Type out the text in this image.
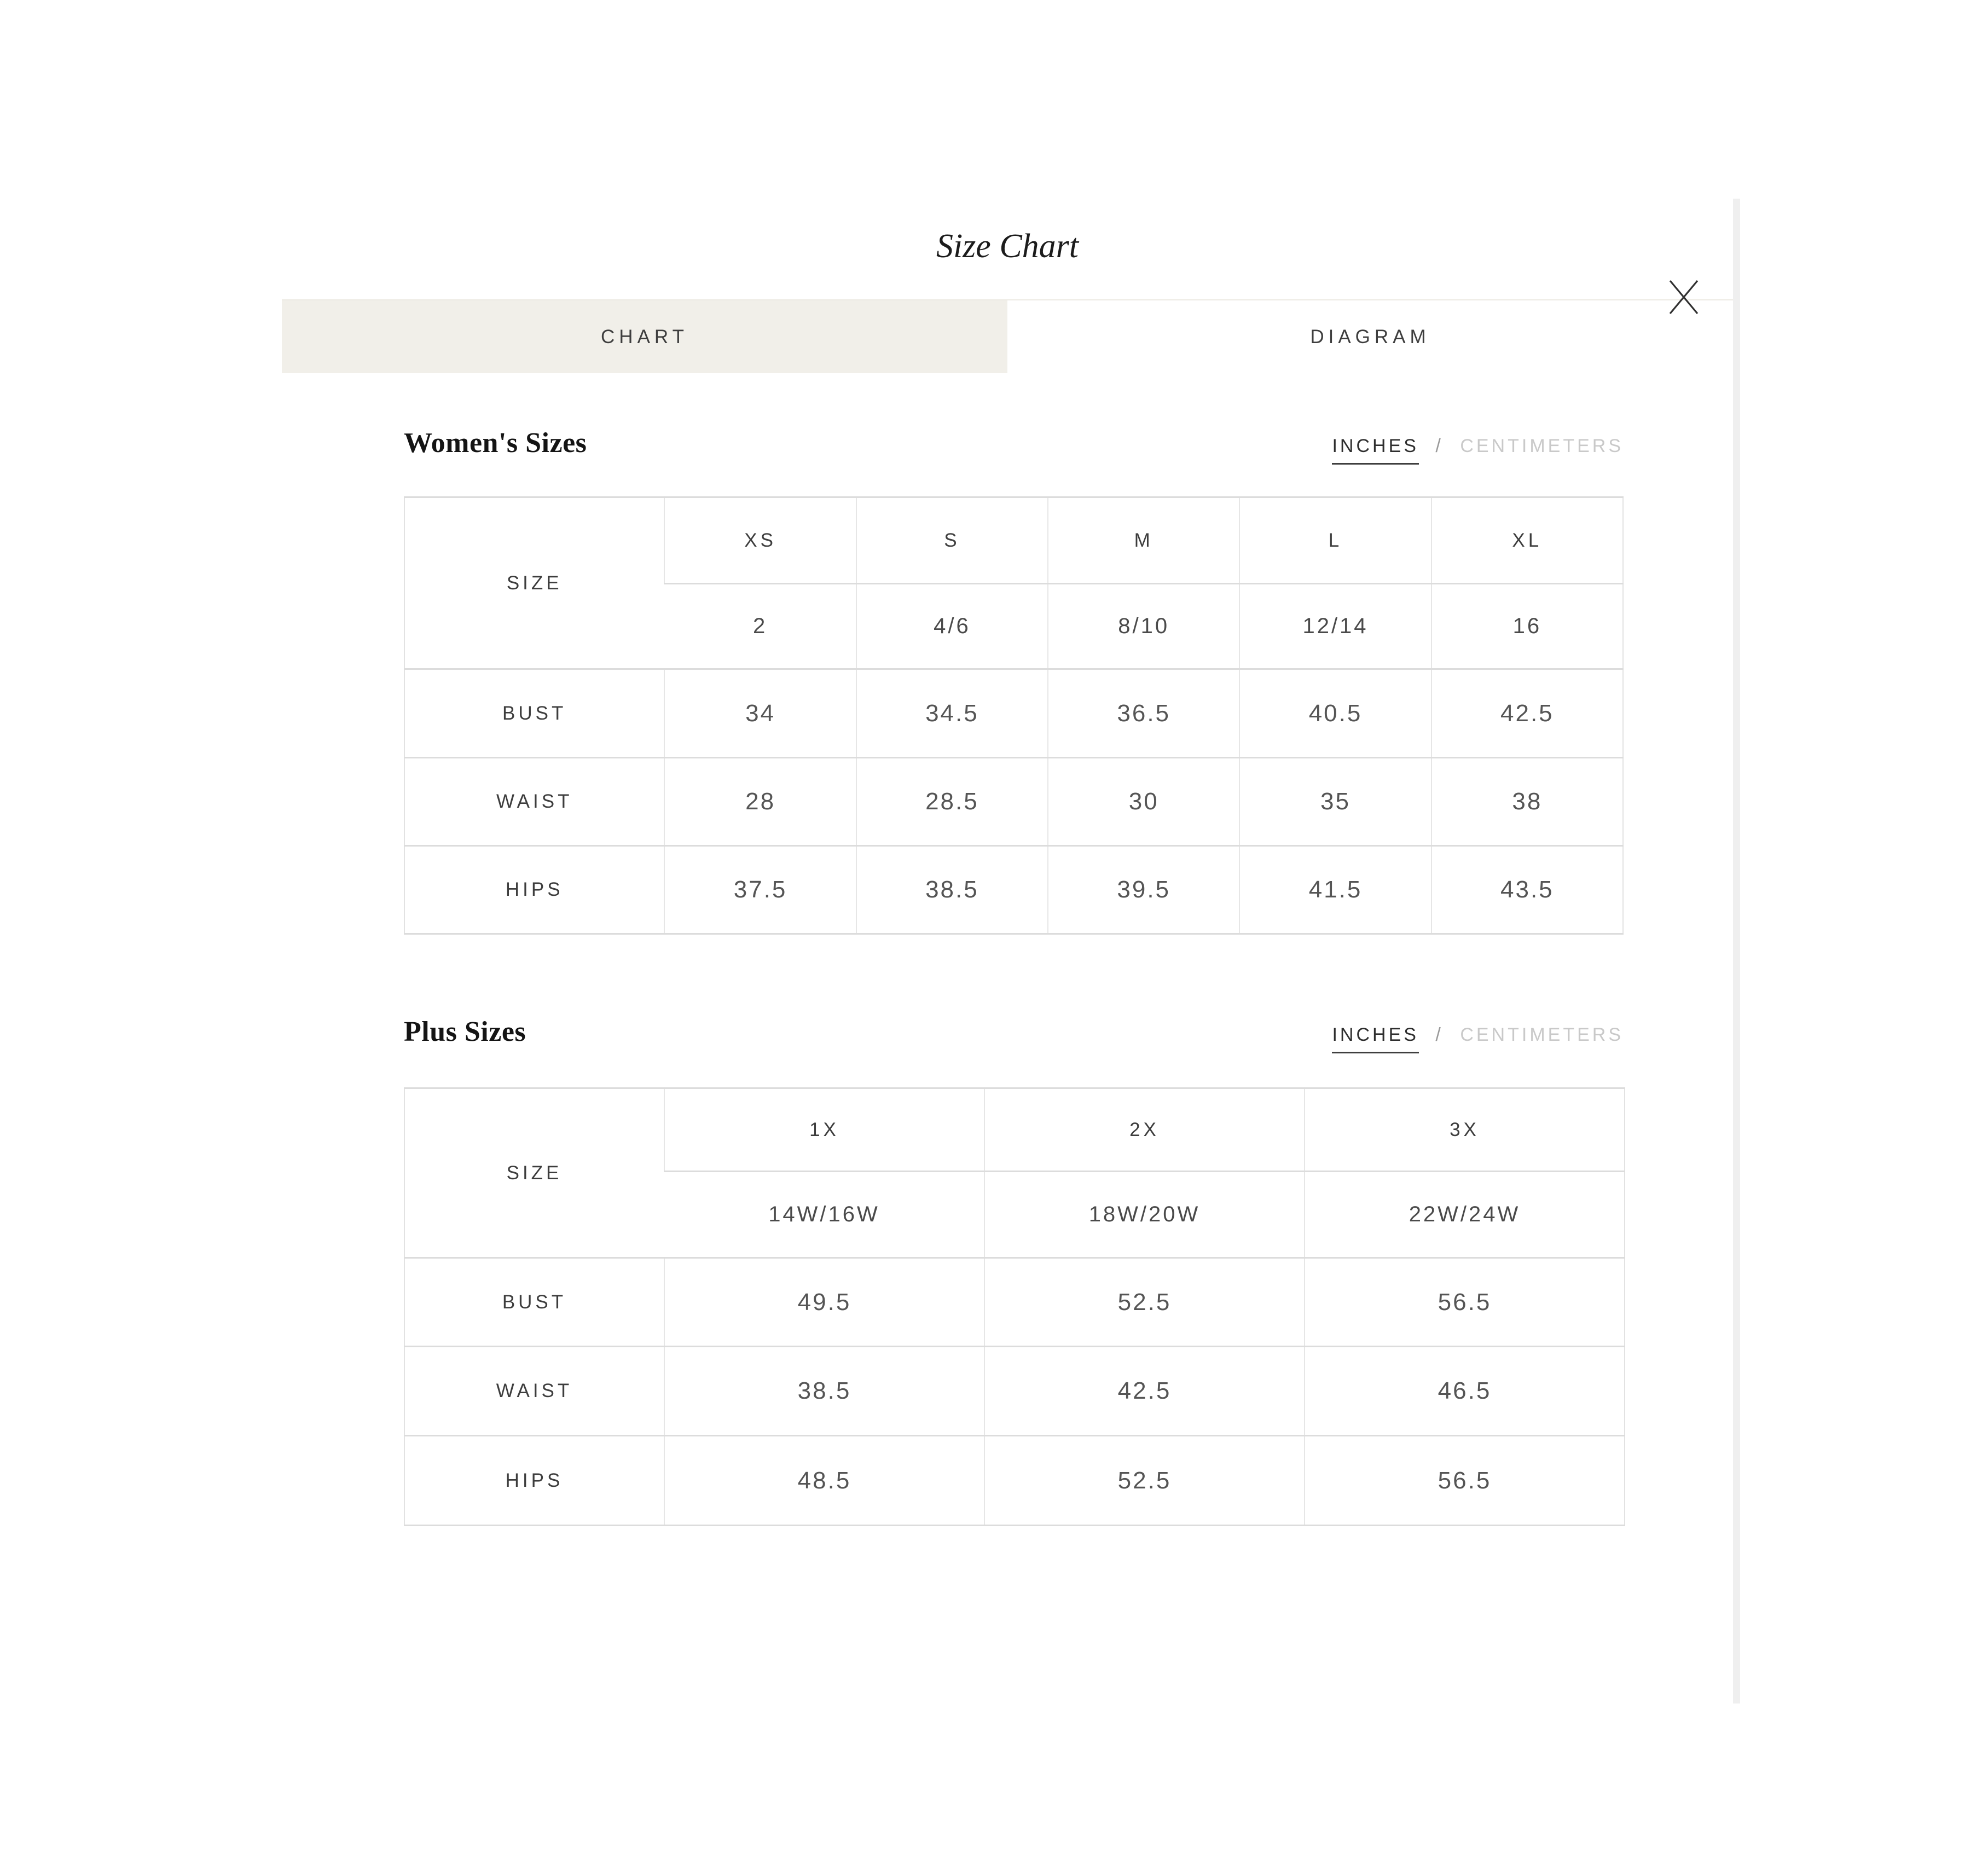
Size Chart
CHART	DIAGRAM
Women's Sizes	INCHES / CENTIMETERS
SIZE	XS	S	M	L	XL
	2	4/6	8/10	12/14	16
BUST	34	34.5	36.5	40.5	42.5
WAIST	28	28.5	30	35	38
HIPS	37.5	38.5	39.5	41.5	43.5
Plus Sizes	INCHES / CENTIMETERS
SIZE	1X	2X	3X
	14W/16W	18W/20W	22W/24W
BUST	49.5	52.5	56.5
WAIST	38.5	42.5	46.5
HIPS	48.5	52.5	56.5
